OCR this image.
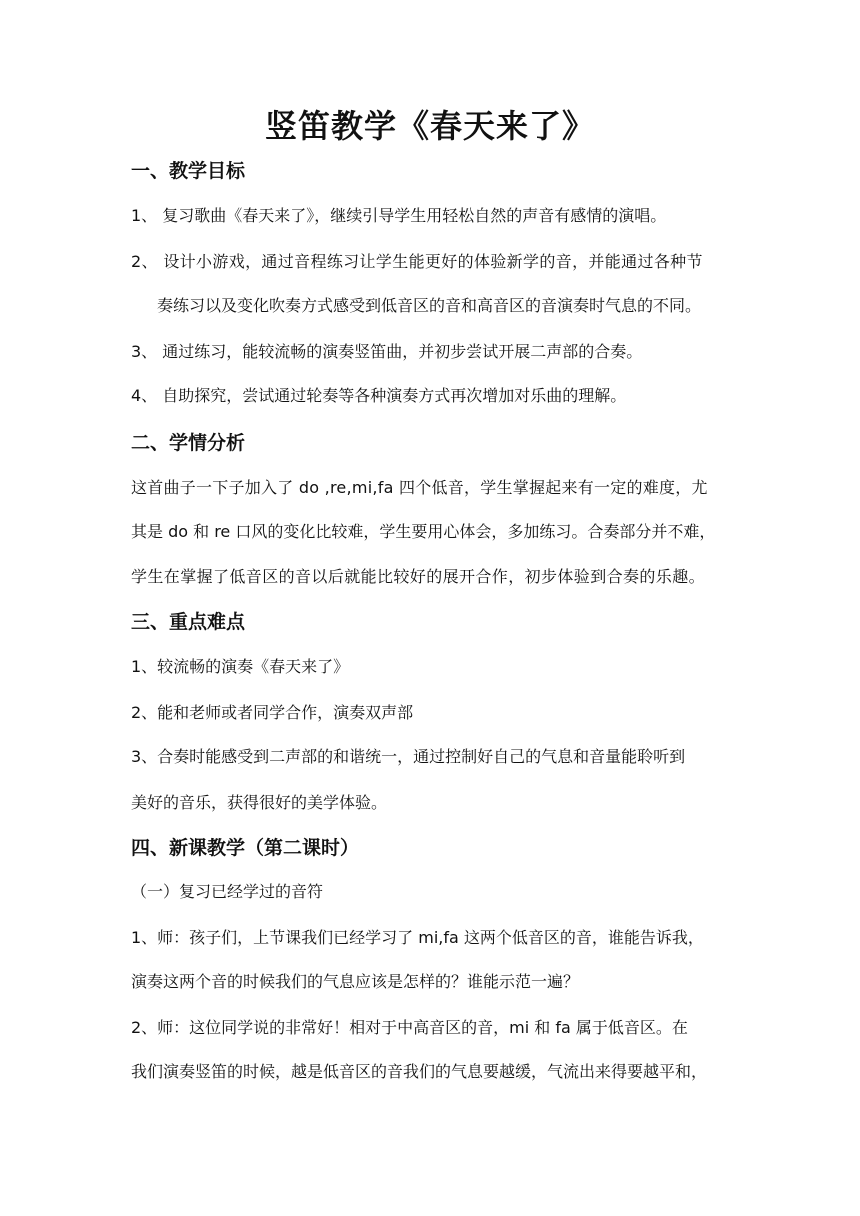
竖笛教学《春天来了》
一、教学目标
1、 复习歌曲《春天来了》，继续引导学生用轻松自然的声音有感情的演唱。
2、 设计小游戏，通过音程练习让学生能更好的体验新学的音，并能通过各种节
奏练习以及变化吹奏方式感受到低音区的音和高音区的音演奏时气息的不同。
3、 通过练习，能较流畅的演奏竖笛曲，并初步尝试开展二声部的合奏。
4、 自助探究，尝试通过轮奏等各种演奏方式再次增加对乐曲的理解。
二、学情分析
这首曲子一下子加入了 do ,re,mi,fa 四个低音，学生掌握起来有一定的难度，尤
其是 do 和 re 口风的变化比较难，学生要用心体会，多加练习。合奏部分并不难，
学生在掌握了低音区的音以后就能比较好的展开合作，初步体验到合奏的乐趣。
三、重点难点
1、较流畅的演奏《春天来了》
2、能和老师或者同学合作，演奏双声部
3、合奏时能感受到二声部的和谐统一，通过控制好自己的气息和音量能聆听到
美好的音乐，获得很好的美学体验。
四、新课教学（第二课时）
（一）复习已经学过的音符
1、师：孩子们，上节课我们已经学习了 mi,fa 这两个低音区的音，谁能告诉我，
演奏这两个音的时候我们的气息应该是怎样的？谁能示范一遍？
2、师：这位同学说的非常好！相对于中高音区的音，mi 和 fa 属于低音区。在
我们演奏竖笛的时候，越是低音区的音我们的气息要越缓，气流出来得要越平和，
